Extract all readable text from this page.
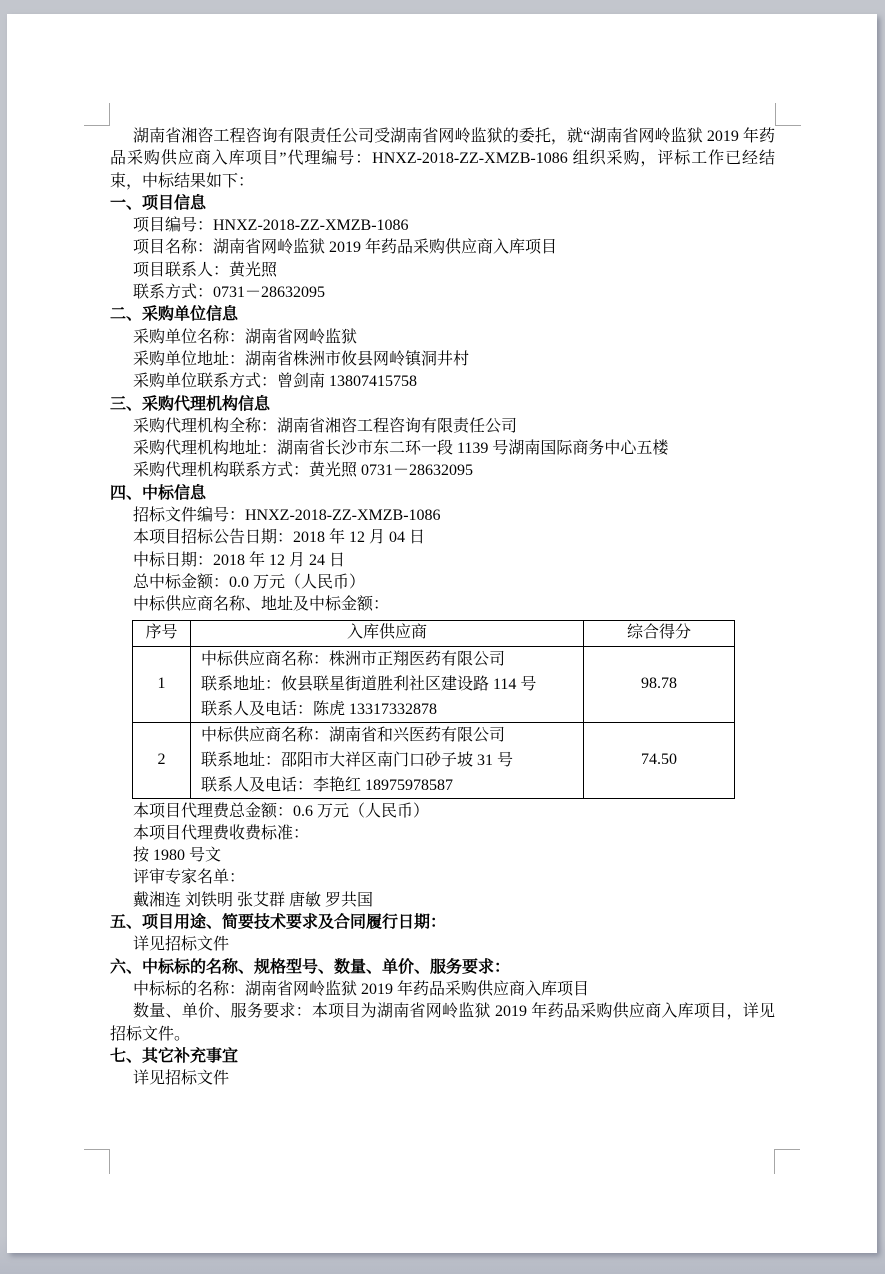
湖南省湘咨工程咨询有限责任公司受湖南省网岭监狱的委托，就“湖南省网岭监狱 2019 年药品采购供应商入库项目”代理编号：HNXZ-2018-ZZ-XMZB-1086 组织采购，评标工作已经结束，中标结果如下：

一、项目信息

项目编号：HNXZ-2018-ZZ-XMZB-1086

项目名称：湖南省网岭监狱 2019 年药品采购供应商入库项目

项目联系人：黄光照

联系方式：0731－28632095

二、采购单位信息

采购单位名称：湖南省网岭监狱

采购单位地址：湖南省株洲市攸县网岭镇洞井村

采购单位联系方式：曾剑南 13807415758

三、采购代理机构信息

采购代理机构全称：湖南省湘咨工程咨询有限责任公司

采购代理机构地址：湖南省长沙市东二环一段 1139 号湖南国际商务中心五楼

采购代理机构联系方式：黄光照 0731－28632095

四、中标信息

招标文件编号：HNXZ-2018-ZZ-XMZB-1086

本项目招标公告日期：2018 年 12 月 04 日

中标日期：2018 年 12 月 24 日

总中标金额：0.0 万元（人民币）

中标供应商名称、地址及中标金额：

序号	入库供应商	综合得分
1	中标供应商名称：株洲市正翔医药有限公司
联系地址：攸县联星街道胜利社区建设路 114 号
联系人及电话：陈虎 13317332878	98.78
2	中标供应商名称：湖南省和兴医药有限公司
联系地址：邵阳市大祥区南门口砂子坡 31 号
联系人及电话：李艳红 18975978587	74.50

本项目代理费总金额：0.6 万元（人民币）

本项目代理费收费标准：

按 1980 号文

评审专家名单：

戴湘连 刘铁明 张艾群 唐敏 罗共国

五、项目用途、简要技术要求及合同履行日期：

详见招标文件

六、中标标的名称、规格型号、数量、单价、服务要求：

中标标的名称：湖南省网岭监狱 2019 年药品采购供应商入库项目

数量、单价、服务要求：本项目为湖南省网岭监狱 2019 年药品采购供应商入库项目，详见招标文件。

七、其它补充事宜

详见招标文件
